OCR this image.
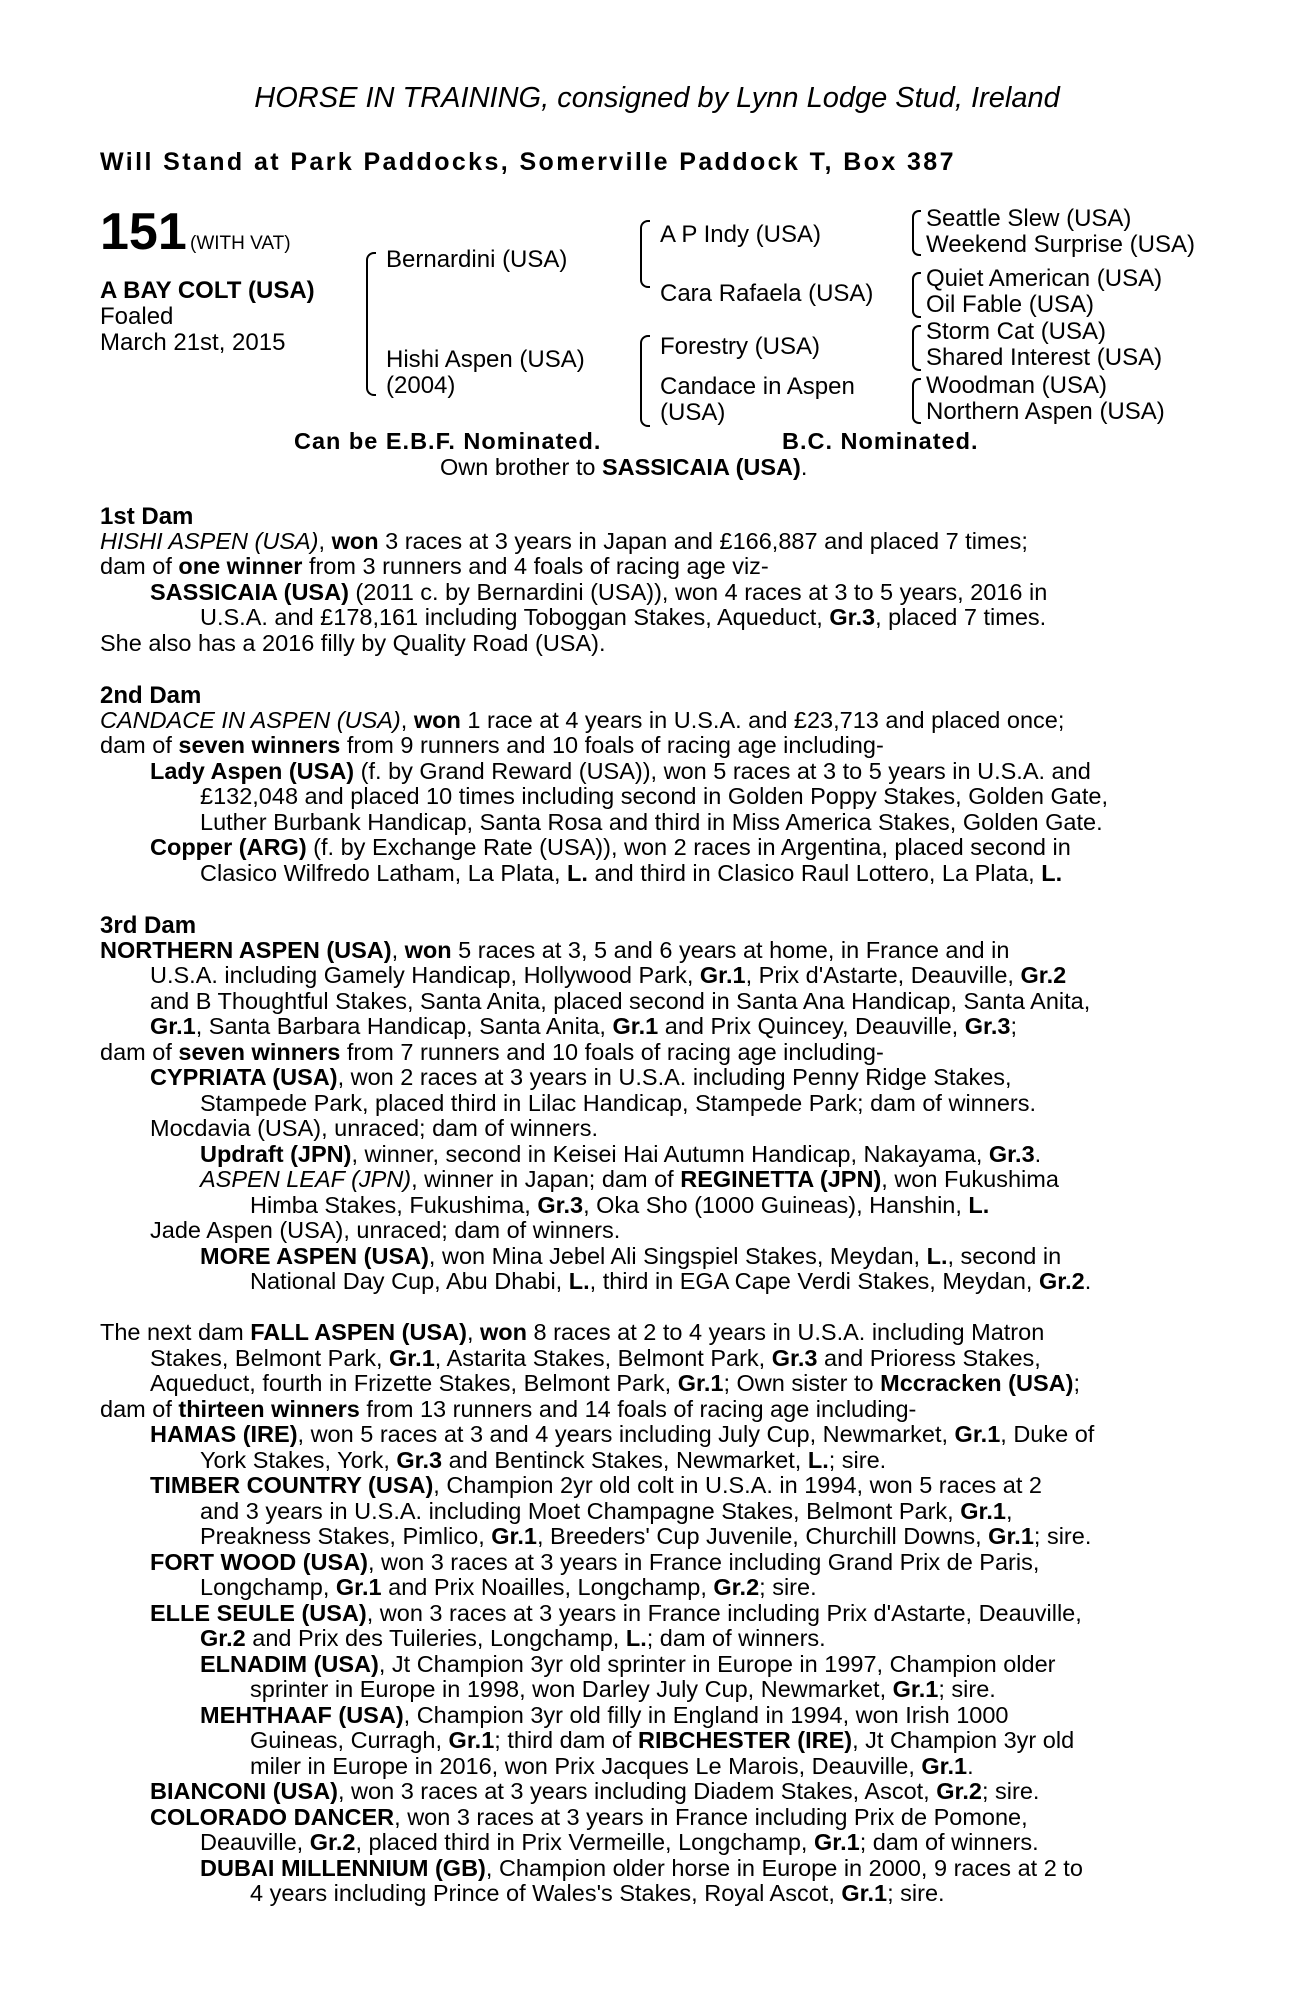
HORSE IN TRAINING, consigned by Lynn Lodge Stud, Ireland
Will Stand at Park Paddocks, Somerville Paddock T, Box 387
151 (WITH VAT)
A BAY COLT (USA)
Foaled
March 21st, 2015
Bernardini (USA)
Hishi Aspen (USA)
(2004)
A P Indy (USA)
Cara Rafaela (USA)
Forestry (USA)
Candace in Aspen
(USA)
Seattle Slew (USA)
Weekend Surprise (USA)
Quiet American (USA)
Oil Fable (USA)
Storm Cat (USA)
Shared Interest (USA)
Woodman (USA)
Northern Aspen (USA)
Can be E.B.F. Nominated.	B.C. Nominated.
Own brother to SASSICAIA (USA).
1st Dam
HISHI ASPEN (USA), won 3 races at 3 years in Japan and £166,887 and placed 7 times;
dam of one winner from 3 runners and 4 foals of racing age viz-
SASSICAIA (USA) (2011 c. by Bernardini (USA)), won 4 races at 3 to 5 years, 2016 in
U.S.A. and £178,161 including Toboggan Stakes, Aqueduct, Gr.3, placed 7 times.
She also has a 2016 filly by Quality Road (USA).
2nd Dam
CANDACE IN ASPEN (USA), won 1 race at 4 years in U.S.A. and £23,713 and placed once;
dam of seven winners from 9 runners and 10 foals of racing age including-
Lady Aspen (USA) (f. by Grand Reward (USA)), won 5 races at 3 to 5 years in U.S.A. and
£132,048 and placed 10 times including second in Golden Poppy Stakes, Golden Gate,
Luther Burbank Handicap, Santa Rosa and third in Miss America Stakes, Golden Gate.
Copper (ARG) (f. by Exchange Rate (USA)), won 2 races in Argentina, placed second in
Clasico Wilfredo Latham, La Plata, L. and third in Clasico Raul Lottero, La Plata, L.
3rd Dam
NORTHERN ASPEN (USA), won 5 races at 3, 5 and 6 years at home, in France and in
U.S.A. including Gamely Handicap, Hollywood Park, Gr.1, Prix d'Astarte, Deauville, Gr.2
and B Thoughtful Stakes, Santa Anita, placed second in Santa Ana Handicap, Santa Anita,
Gr.1, Santa Barbara Handicap, Santa Anita, Gr.1 and Prix Quincey, Deauville, Gr.3;
dam of seven winners from 7 runners and 10 foals of racing age including-
CYPRIATA (USA), won 2 races at 3 years in U.S.A. including Penny Ridge Stakes,
Stampede Park, placed third in Lilac Handicap, Stampede Park; dam of winners.
Mocdavia (USA), unraced; dam of winners.
Updraft (JPN), winner, second in Keisei Hai Autumn Handicap, Nakayama, Gr.3.
ASPEN LEAF (JPN), winner in Japan; dam of REGINETTA (JPN), won Fukushima
Himba Stakes, Fukushima, Gr.3, Oka Sho (1000 Guineas), Hanshin, L.
Jade Aspen (USA), unraced; dam of winners.
MORE ASPEN (USA), won Mina Jebel Ali Singspiel Stakes, Meydan, L., second in
National Day Cup, Abu Dhabi, L., third in EGA Cape Verdi Stakes, Meydan, Gr.2.
The next dam FALL ASPEN (USA), won 8 races at 2 to 4 years in U.S.A. including Matron
Stakes, Belmont Park, Gr.1, Astarita Stakes, Belmont Park, Gr.3 and Prioress Stakes,
Aqueduct, fourth in Frizette Stakes, Belmont Park, Gr.1; Own sister to Mccracken (USA);
dam of thirteen winners from 13 runners and 14 foals of racing age including-
HAMAS (IRE), won 5 races at 3 and 4 years including July Cup, Newmarket, Gr.1, Duke of
York Stakes, York, Gr.3 and Bentinck Stakes, Newmarket, L.; sire.
TIMBER COUNTRY (USA), Champion 2yr old colt in U.S.A. in 1994, won 5 races at 2
and 3 years in U.S.A. including Moet Champagne Stakes, Belmont Park, Gr.1,
Preakness Stakes, Pimlico, Gr.1, Breeders' Cup Juvenile, Churchill Downs, Gr.1; sire.
FORT WOOD (USA), won 3 races at 3 years in France including Grand Prix de Paris,
Longchamp, Gr.1 and Prix Noailles, Longchamp, Gr.2; sire.
ELLE SEULE (USA), won 3 races at 3 years in France including Prix d'Astarte, Deauville,
Gr.2 and Prix des Tuileries, Longchamp, L.; dam of winners.
ELNADIM (USA), Jt Champion 3yr old sprinter in Europe in 1997, Champion older
sprinter in Europe in 1998, won Darley July Cup, Newmarket, Gr.1; sire.
MEHTHAAF (USA), Champion 3yr old filly in England in 1994, won Irish 1000
Guineas, Curragh, Gr.1; third dam of RIBCHESTER (IRE), Jt Champion 3yr old
miler in Europe in 2016, won Prix Jacques Le Marois, Deauville, Gr.1.
BIANCONI (USA), won 3 races at 3 years including Diadem Stakes, Ascot, Gr.2; sire.
COLORADO DANCER, won 3 races at 3 years in France including Prix de Pomone,
Deauville, Gr.2, placed third in Prix Vermeille, Longchamp, Gr.1; dam of winners.
DUBAI MILLENNIUM (GB), Champion older horse in Europe in 2000, 9 races at 2 to
4 years including Prince of Wales's Stakes, Royal Ascot, Gr.1; sire.
